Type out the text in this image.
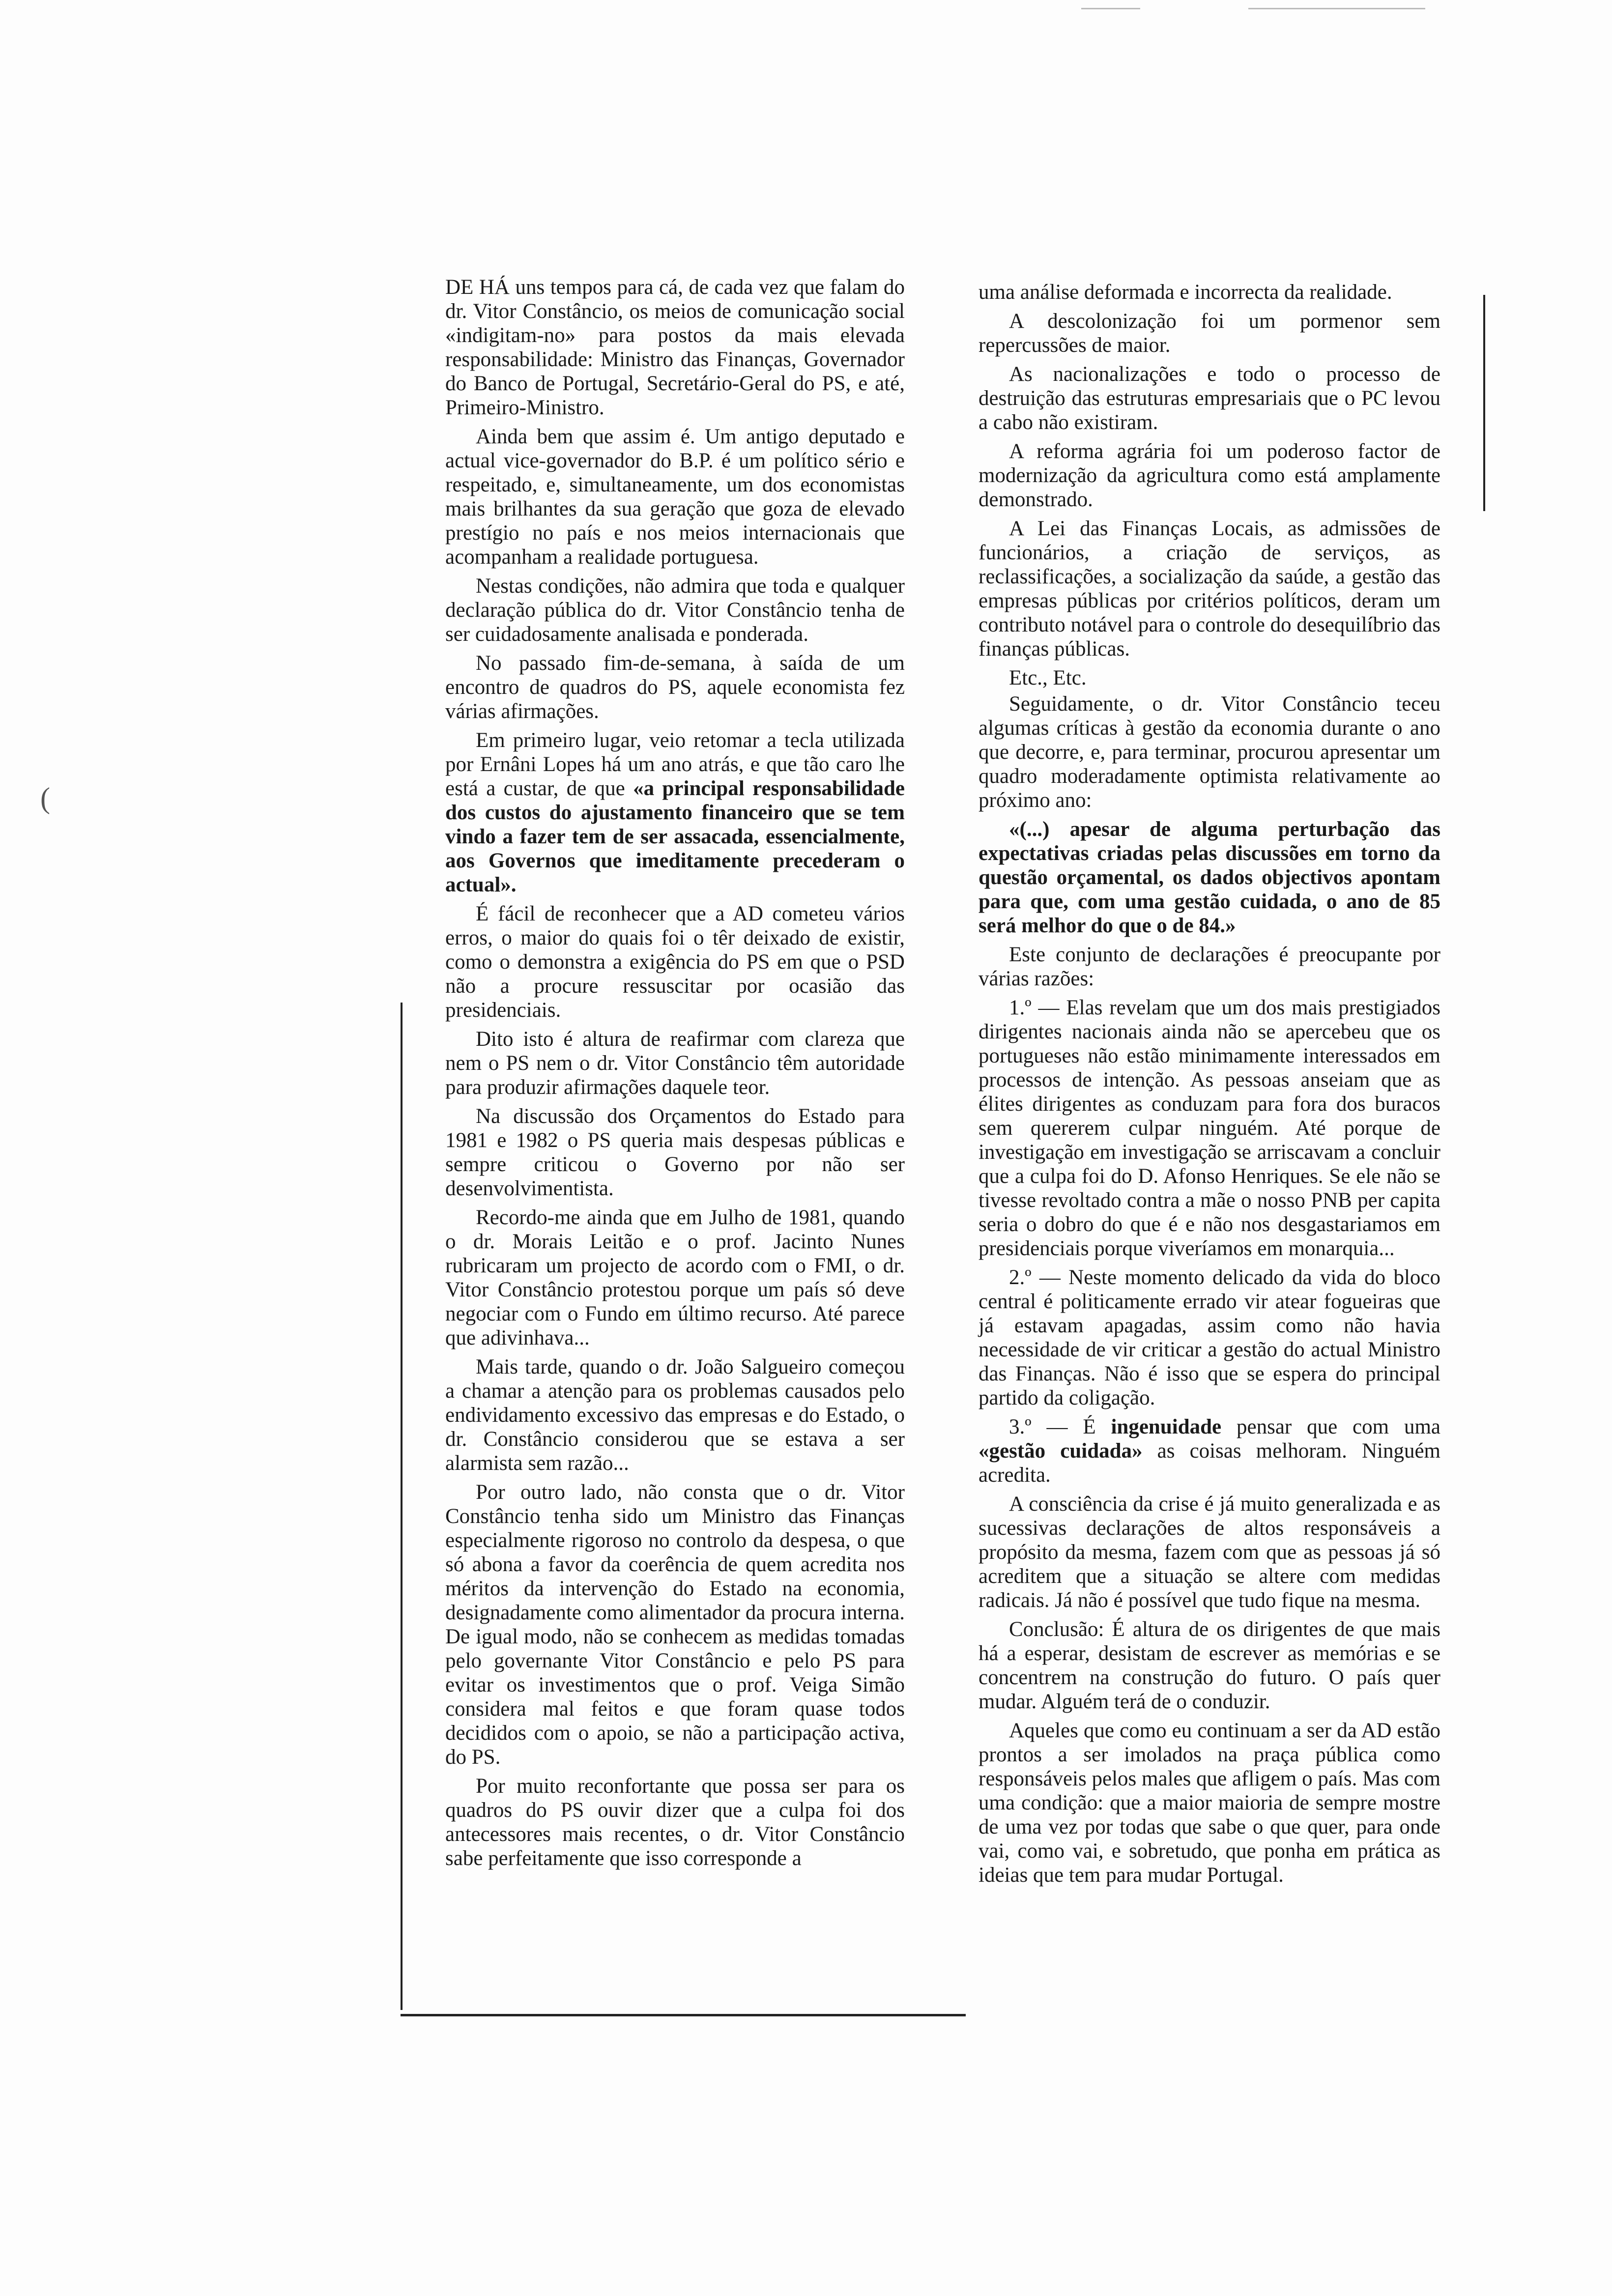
(

DE HÁ uns tempos para cá, de cada vez que falam do dr. Vitor Constâncio, os meios de comunicação social «indigitam-no» para postos da mais elevada responsabilidade: Ministro das Finanças, Governador do Banco de Portugal, Secretário-Geral do PS, e até, Primeiro-Ministro.

Ainda bem que assim é. Um antigo deputado e actual vice-governador do B.P. é um político sério e respeitado, e, simultaneamente, um dos economistas mais brilhantes da sua geração que goza de elevado prestígio no país e nos meios internacionais que acompanham a realidade portuguesa.

Nestas condições, não admira que toda e qualquer declaração pública do dr. Vitor Constâncio tenha de ser cuidadosamente analisada e ponderada.

No passado fim-de-semana, à saída de um encontro de quadros do PS, aquele economista fez várias afirmações.

Em primeiro lugar, veio retomar a tecla utilizada por Ernâni Lopes há um ano atrás, e que tão caro lhe está a custar, de que «a principal responsabilidade dos custos do ajustamento financeiro que se tem vindo a fazer tem de ser assacada, essencialmente, aos Governos que imeditamente precederam o actual».

É fácil de reconhecer que a AD cometeu vários erros, o maior do quais foi o têr deixado de existir, como o demonstra a exigência do PS em que o PSD não a procure ressuscitar por ocasião das presidenciais.

Dito isto é altura de reafirmar com clareza que nem o PS nem o dr. Vitor Constâncio têm autoridade para produzir afirmações daquele teor.

Na discussão dos Orçamentos do Estado para 1981 e 1982 o PS queria mais despesas públicas e sempre criticou o Governo por não ser desenvolvimentista.

Recordo-me ainda que em Julho de 1981, quando o dr. Morais Leitão e o prof. Jacinto Nunes rubricaram um projecto de acordo com o FMI, o dr. Vitor Constâncio protestou porque um país só deve negociar com o Fundo em último recurso. Até parece que adivinhava...

Mais tarde, quando o dr. João Salgueiro começou a chamar a atenção para os problemas causados pelo endividamento excessivo das empresas e do Estado, o dr. Constâncio considerou que se estava a ser alarmista sem razão...

Por outro lado, não consta que o dr. Vitor Constâncio tenha sido um Ministro das Finanças especialmente rigoroso no controlo da despesa, o que só abona a favor da coerência de quem acredita nos méritos da intervenção do Estado na economia, designadamente como alimentador da procura interna. De igual modo, não se conhecem as medidas tomadas pelo governante Vitor Constâncio e pelo PS para evitar os investimentos que o prof. Veiga Simão considera mal feitos e que foram quase todos decididos com o apoio, se não a participação activa, do PS.

Por muito reconfortante que possa ser para os quadros do PS ouvir dizer que a culpa foi dos antecessores mais recentes, o dr. Vitor Constâncio sabe perfeitamente que isso corresponde a

uma análise deformada e incorrecta da realidade.

A descolonização foi um pormenor sem repercussões de maior.

As nacionalizações e todo o processo de destruição das estruturas empresariais que o PC levou a cabo não existiram.

A reforma agrária foi um poderoso factor de modernização da agricultura como está amplamente demonstrado.

A Lei das Finanças Locais, as admissões de funcionários, a criação de serviços, as reclassificações, a socialização da saúde, a gestão das empresas públicas por critérios políticos, deram um contributo notável para o controle do desequilíbrio das finanças públicas.

Etc., Etc.

Seguidamente, o dr. Vitor Constâncio teceu algumas críticas à gestão da economia durante o ano que decorre, e, para terminar, procurou apresentar um quadro moderadamente optimista relativamente ao próximo ano:

«(...) apesar de alguma perturbação das expectativas criadas pelas discussões em torno da questão orçamental, os dados objectivos apontam para que, com uma gestão cuidada, o ano de 85 será melhor do que o de 84.»

Este conjunto de declarações é preocupante por várias razões:

1.º — Elas revelam que um dos mais prestigiados dirigentes nacionais ainda não se apercebeu que os portugueses não estão minimamente interessados em processos de intenção. As pessoas anseiam que as élites dirigentes as conduzam para fora dos buracos sem quererem culpar ninguém. Até porque de investigação em investigação se arriscavam a concluir que a culpa foi do D. Afonso Henriques. Se ele não se tivesse revoltado contra a mãe o nosso PNB per capita seria o dobro do que é e não nos desgastariamos em presidenciais porque viveríamos em monarquia...

2.º — Neste momento delicado da vida do bloco central é politicamente errado vir atear fogueiras que já estavam apagadas, assim como não havia necessidade de vir criticar a gestão do actual Ministro das Finanças. Não é isso que se espera do principal partido da coligação.

3.º — É ingenuidade pensar que com uma «gestão cuidada» as coisas melhoram. Ninguém acredita.

A consciência da crise é já muito generalizada e as sucessivas declarações de altos responsáveis a propósito da mesma, fazem com que as pessoas já só acreditem que a situação se altere com medidas radicais. Já não é possível que tudo fique na mesma.

Conclusão: É altura de os dirigentes de que mais há a esperar, desistam de escrever as memórias e se concentrem na construção do futuro. O país quer mudar. Alguém terá de o conduzir.

Aqueles que como eu continuam a ser da AD estão prontos a ser imolados na praça pública como responsáveis pelos males que afligem o país. Mas com uma condição: que a maior maioria de sempre mostre de uma vez por todas que sabe o que quer, para onde vai, como vai, e sobretudo, que ponha em prática as ideias que tem para mudar Portugal.
